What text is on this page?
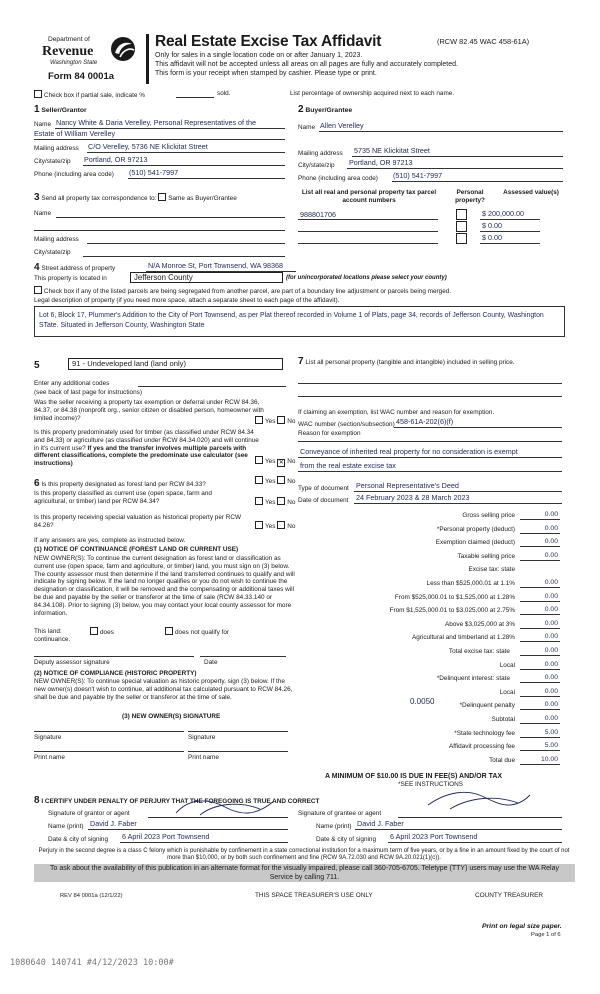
Department of
Revenue
Washington State
Form 84 0001a
Real Estate Excise Tax Affidavit	(RCW 82.45 WAC 458-61A)
Only for sales in a single location code on or after January 1, 2023.
This affidavit will not be accepted unless all areas on all pages are fully and accurately completed.
This form is your receipt when stamped by cashier. Please type or print.
Check box if partial sale, indicate %	sold.	List percentage of ownership acquired next to each name.
1 Seller/Grantor
Name Nancy White & Daria Verelley, Personal Representatives of the
Estate of William Verelley
Mailing address C/O Verelley, 5736 NE Klickitat Street
City/state/zip Portland, OR 97213
Phone (including area code) (510) 541-7997
2 Buyer/Grantee
Name Allen Verelley
Mailing address 5735 NE Klickitat Street
City/state/zip Portland, OR 97213
Phone (including area code) (510) 541-7997
3 Send all property tax correspondence to: Same as Buyer/Grantee
Name
Mailing address
City/state/zip
List all real and personal property tax parcel account numbers
Personal property?
Assessed value(s)
988801706	$ 200,000.00
$ 0.00
$ 0.00
4 Street address of property	N/A Monroe St, Port Townsend, WA 98368
This property is located in	Jefferson County	(for unincorporated locations please select your county)
Check box if any of the listed parcels are being segregated from another parcel, are part of a boundary line adjustment or parcels being merged.
Legal description of property (if you need more space, attach a separate sheet to each page of the affidavit).
Lot 6, Block 17, Plummer's Addition to the City of Port Townsend, as per Plat thereof recorded in Volume 1 of Plats, page 34, records of Jefferson County, Washington STate. Situated in Jefferson County, Washington State
5	91 - Undeveloped land (land only)
Enter any additional codes
(see back of last page for instructions)
Was the seller receiving a property tax exemption or deferral under RCW 84.36, 84.37, or 84.38 (nonprofit org., senior citizen or disabled person, homeowner with limited income)?	Yes No
Is this property predominately used for timber (as classified under RCW 84.34 and 84.33) or agriculture (as classified under RCW 84.34.020) and will continue in it's current use? If yes and the transfer involves multiple parcels with different classifications, complete the predominate use calculator (see instructions)	Yes ✕ No
6 Is this property designated as forest land per RCW 84.33?	Yes No
Is this property classified as current use (open space, farm and agricultural, or timber) land per RCW 84.34?	Yes No
Is this property receiving special valuation as historical property per RCW 84.26?	Yes No
If any answers are yes, complete as instructed below.
(1) NOTICE OF CONTINUANCE (FOREST LAND OR CURRENT USE)
NEW OWNER(S): To continue the current designation as forest land or classification as current use (open space, farm and agriculture, or timber) land, you must sign on (3) below. The county assessor must then determine if the land transferred continues to qualify and will indicate by signing below. If the land no longer qualifies or you do not wish to continue the designation or classification, it will be removed and the compensating or additional taxes will be due and payable by the seller or transferor at the time of sale (RCW 84.33.140 or 84.34.108). Prior to signing (3) below, you may contact your local county assessor for more information.
This land:
continuance.
does	does not qualify for
Deputy assessor signature	Date
(2) NOTICE OF COMPLIANCE (HISTORIC PROPERTY)
NEW OWNER(S): To continue special valuation as historic property, sign (3) below. If the new owner(s) doesn't wish to continue, all additional tax calculated pursuant to RCW 84.26, shall be due and payable by the seller or transferor at the time of sale.
(3) NEW OWNER(S) SIGNATURE
Signature	Signature
Print name	Print name
7 List all personal property (tangible and intangible) included in selling price.
If claiming an exemption, list WAC number and reason for exemption.
WAC number (section/subsection) 458-61A-202(6)(f)
Reason for exemption
Conveyance of inherited real property for no consideration is exempt
from the real estate excise tax
Type of document Personal Representative's Deed
Date of document 24 February 2023 & 28 March 2023
Gross selling price	0.00
*Personal property (deduct)	0.00
Exemption claimed (deduct)	0.00
Taxable selling price	0.00
Excise tax: state
Less than $525,000.01 at 1.1%	0.00
From $525,000.01 to $1,525,000 at 1.28%	0.00
From $1,525,000.01 to $3,025,000 at 2.75%	0.00
Above $3,025,000 at 3%	0.00
Agricultural and timberland at 1.28%	0.00
Total excise tax: state	0.00
Local	0.00
*Delinquent interest: state	0.00
Local	0.00
*Delinquent penalty	0.00
Subtotal	0.00
*State technology fee	5.00
Affidavit processing fee	5.00
Total due	10.00
0.0050
A MINIMUM OF $10.00 IS DUE IN FEE(S) AND/OR TAX
*SEE INSTRUCTIONS
8 I CERTIFY UNDER PENALTY OF PERJURY THAT THE FOREGOING IS TRUE AND CORRECT
Signature of grantor or agent	Signature of grantee or agent
Name (print) David J. Faber	Name (print) David J. Faber
Date & city of signing 6 April 2023 Port Townsend	Date & city of signing 6 April 2023 Port Townsend
Perjury in the second degree is a class C felony which is punishable by confinement in a state correctional institution for a maximum term of five years, or by a fine in an amount fixed by the court of not more than $10,000, or by both such confinement and fine (RCW 9A.72.030 and RCW 9A.20.021(1)(c)).
To ask about the availability of this publication in an alternate format for the visually impaired, please call 360-705-6705. Teletype (TTY) users may use the WA Relay Service by calling 711.
REV 84 0001a (12/1/22)	THIS SPACE TREASURER'S USE ONLY	COUNTY TREASURER
Print on legal size paper.
Page 1 of 6
1080640 140741 #4/12/2023 10:00#
